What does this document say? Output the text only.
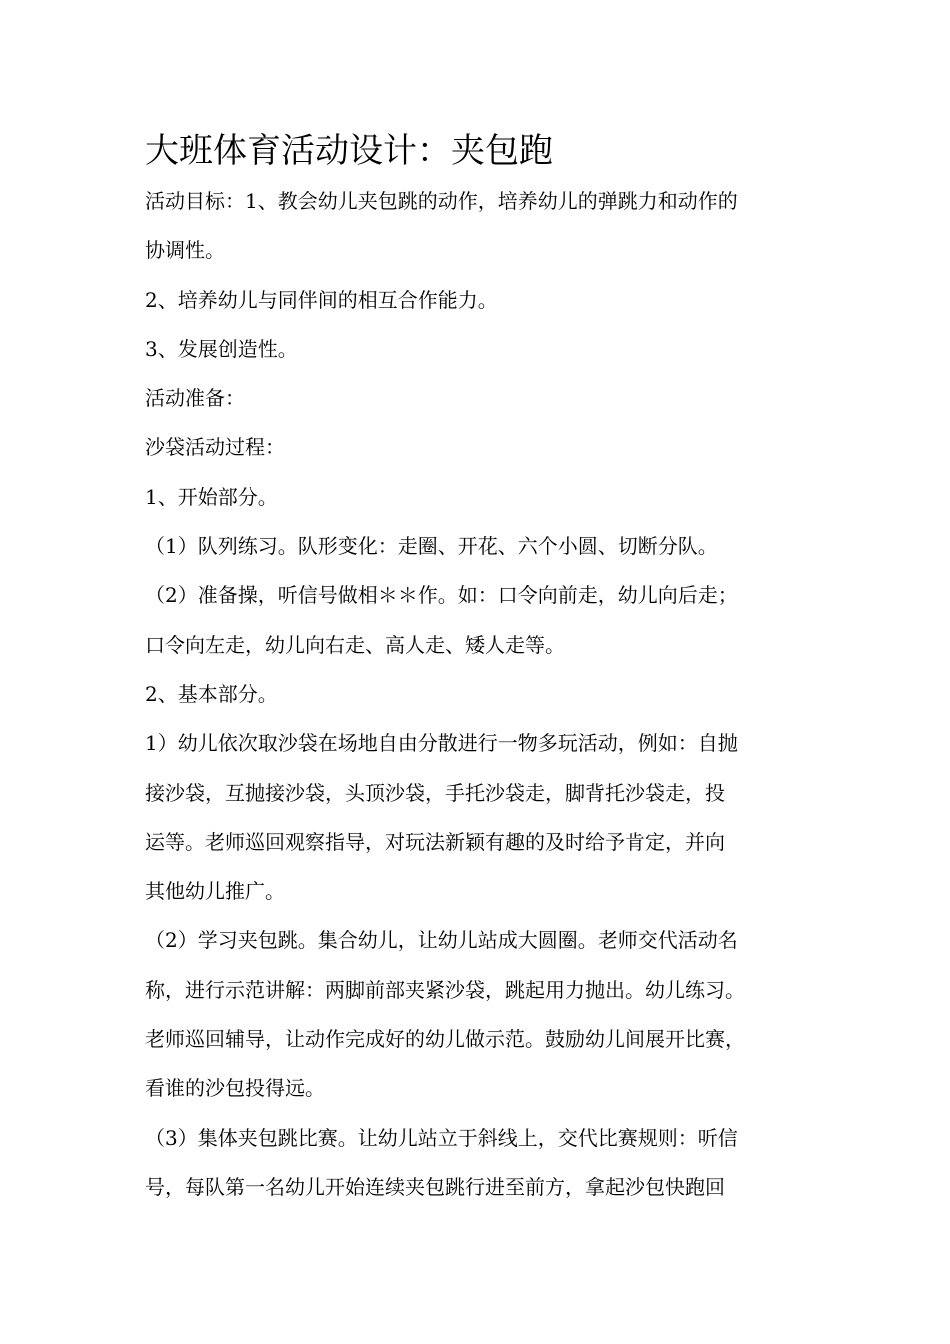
大班体育活动设计：夹包跑
活动目标：1、教会幼儿夹包跳的动作，培养幼儿的弹跳力和动作的
协调性。
2、培养幼儿与同伴间的相互合作能力。
3、发展创造性。
活动准备：
沙袋活动过程：
1、开始部分。
（1）队列练习。队形变化：走圈、开花、六个小圆、切断分队。
（2）准备操，听信号做相＊＊作。如：口令向前走，幼儿向后走；
口令向左走，幼儿向右走、高人走、矮人走等。
2、基本部分。
1）幼儿依次取沙袋在场地自由分散进行一物多玩活动，例如：自抛
接沙袋，互抛接沙袋，头顶沙袋，手托沙袋走，脚背托沙袋走，投
运等。老师巡回观察指导，对玩法新颖有趣的及时给予肯定，并向
其他幼儿推广。
（2）学习夹包跳。集合幼儿，让幼儿站成大圆圈。老师交代活动名
称，进行示范讲解：两脚前部夹紧沙袋，跳起用力抛出。幼儿练习。
老师巡回辅导，让动作完成好的幼儿做示范。鼓励幼儿间展开比赛，
看谁的沙包投得远。
（3）集体夹包跳比赛。让幼儿站立于斜线上，交代比赛规则：听信
号，每队第一名幼儿开始连续夹包跳行进至前方，拿起沙包快跑回
